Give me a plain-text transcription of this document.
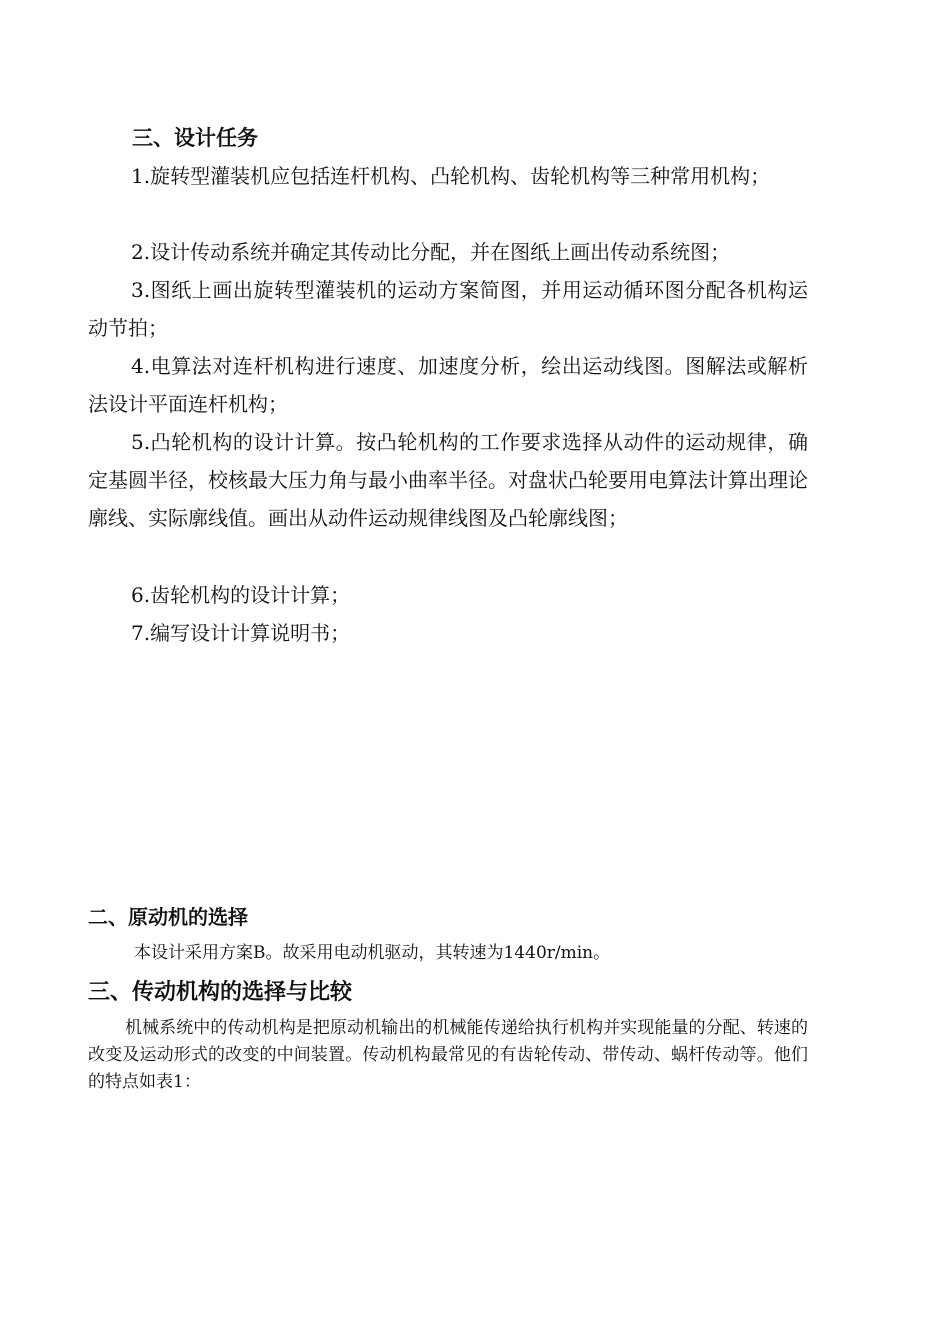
三、设计任务

1.旋转型灌装机应包括连杆机构、凸轮机构、齿轮机构等三种常用机构；

2.设计传动系统并确定其传动比分配，并在图纸上画出传动系统图；

3.图纸上画出旋转型灌装机的运动方案简图，并用运动循环图分配各机构运动节拍；

4.电算法对连杆机构进行速度、加速度分析，绘出运动线图。图解法或解析法设计平面连杆机构；

5.凸轮机构的设计计算。按凸轮机构的工作要求选择从动件的运动规律，确定基圆半径，校核最大压力角与最小曲率半径。对盘状凸轮要用电算法计算出理论廓线、实际廓线值。画出从动件运动规律线图及凸轮廓线图；

6.齿轮机构的设计计算；

7.编写设计计算说明书；

二、原动机的选择

本设计采用方案B。故采用电动机驱动，其转速为1440r/min。

三、传动机构的选择与比较

机械系统中的传动机构是把原动机输出的机械能传递给执行机构并实现能量的分配、转速的改变及运动形式的改变的中间装置。传动机构最常见的有齿轮传动、带传动、蜗杆传动等。他们的特点如表1：
